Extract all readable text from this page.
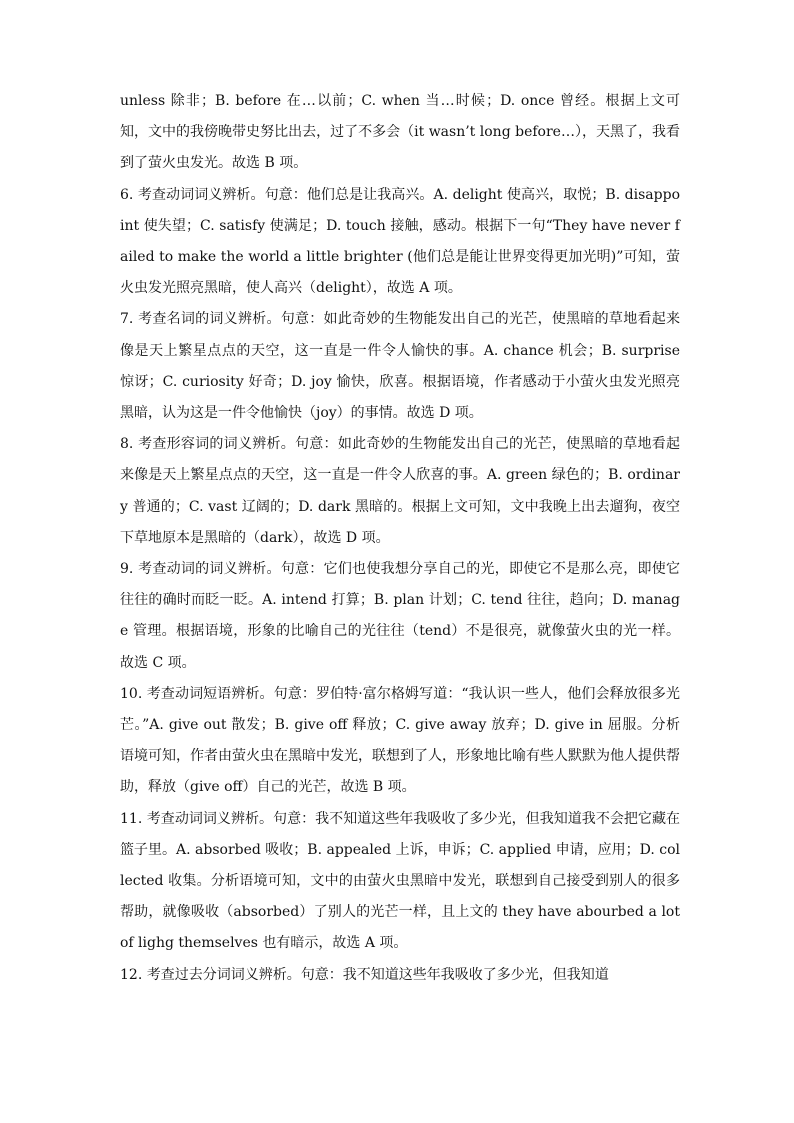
unless 除非；B. before 在…以前；C. when 当…时候；D. once 曾经。根据上文可知，文中的我傍晚带史努比出去，过了不多会（it wasn’t long before…），天黑了，我看到了萤火虫发光。故选 B 项。

6. 考查动词词义辨析。句意：他们总是让我高兴。A. delight 使高兴，取悦；B. disappoint 使失望；C. satisfy 使满足；D. touch 接触，感动。根据下一句“They have never failed to make the world a little brighter (他们总是能让世界变得更加光明)”可知，萤火虫发光照亮黑暗，使人高兴（delight），故选 A 项。

7. 考查名词的词义辨析。句意：如此奇妙的生物能发出自己的光芒，使黑暗的草地看起来像是天上繁星点点的天空，这一直是一件令人愉快的事。A. chance 机会；B. surprise 惊讶；C. curiosity 好奇；D. joy 愉快，欣喜。根据语境，作者感动于小萤火虫发光照亮黑暗，认为这是一件令他愉快（joy）的事情。故选 D 项。

8. 考查形容词的词义辨析。句意：如此奇妙的生物能发出自己的光芒，使黑暗的草地看起来像是天上繁星点点的天空，这一直是一件令人欣喜的事。A. green 绿色的；B. ordinary 普通的；C. vast 辽阔的；D. dark 黑暗的。根据上文可知，文中我晚上出去遛狗，夜空下草地原本是黑暗的（dark），故选 D 项。

9. 考查动词的词义辨析。句意：它们也使我想分享自己的光，即使它不是那么亮，即使它往往的确时而眨一眨。A. intend 打算；B. plan 计划；C. tend 往往，趋向；D. manage 管理。根据语境，形象的比喻自己的光往往（tend）不是很亮，就像萤火虫的光一样。故选 C 项。

10. 考查动词短语辨析。句意：罗伯特·富尔格姆写道：“我认识一些人，他们会释放很多光芒。”A. give out 散发；B. give off 释放；C. give away 放弃；D. give in 屈服。分析语境可知，作者由萤火虫在黑暗中发光，联想到了人，形象地比喻有些人默默为他人提供帮助，释放（give off）自己的光芒，故选 B 项。

11. 考查动词词义辨析。句意：我不知道这些年我吸收了多少光，但我知道我不会把它藏在篮子里。A. absorbed 吸收；B. appealed 上诉，申诉；C. applied 申请，应用；D. collected 收集。分析语境可知，文中的由萤火虫黑暗中发光，联想到自己接受到别人的很多帮助，就像吸收（absorbed）了别人的光芒一样，且上文的 they have abourbed a lot of lighg themselves 也有暗示，故选 A 项。

12. 考查过去分词词义辨析。句意：我不知道这些年我吸收了多少光，但我知道
